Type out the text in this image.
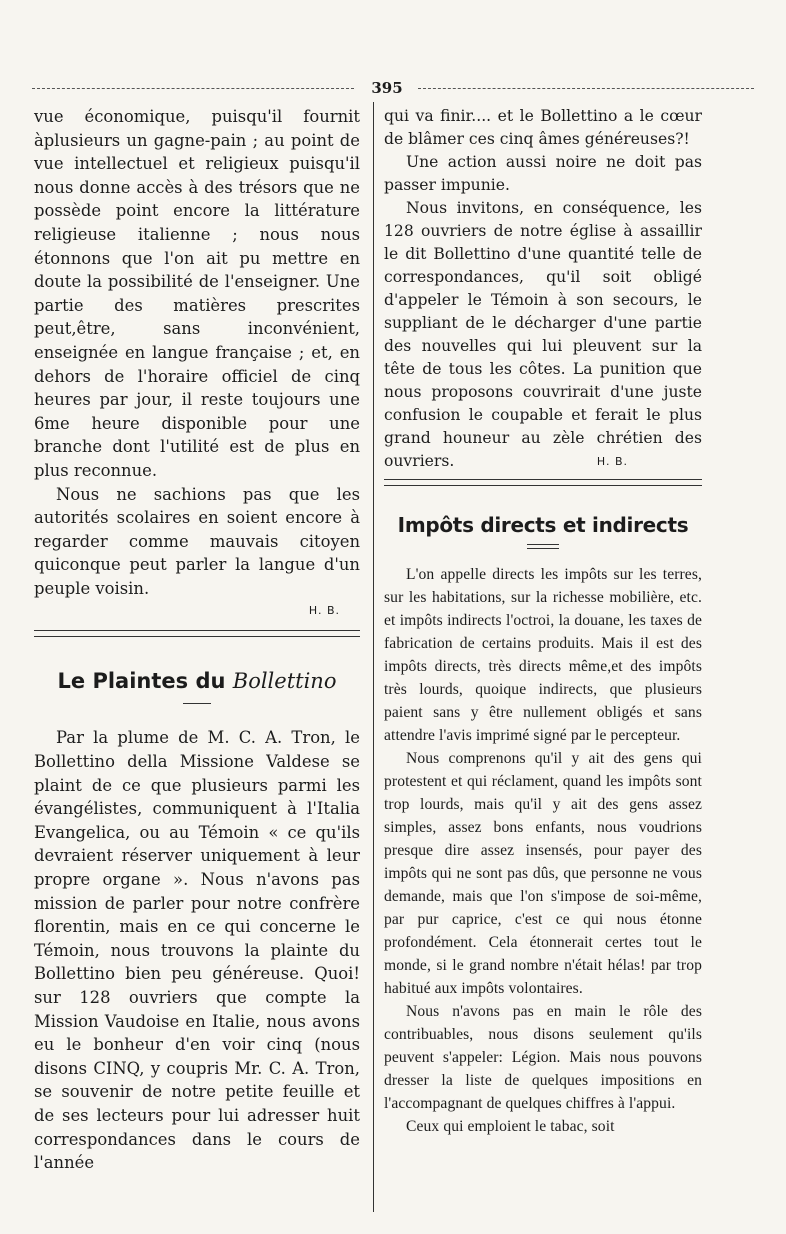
395

vue économique, puisqu'il fournit àplusieurs un gagne-pain ; au point de vue intellectuel et religieux puisqu'il nous donne accès à des trésors que ne possède point encore la littérature religieuse italienne ; nous nous étonnons que l'on ait pu mettre en doute la possibilité de l'enseigner. Une partie des matières prescrites peut,être, sans inconvénient, enseignée en langue française ; et, en dehors de l'horaire officiel de cinq heures par jour, il reste toujours une 6me heure disponible pour une branche dont l'utilité est de plus en plus reconnue.

Nous ne sachions pas que les autorités scolaires en soient encore à regarder comme mauvais citoyen quiconque peut parler la langue d'un peuple voisin.

H. B.
Le Plaintes du Bollettino

Par la plume de M. C. A. Tron, le Bollettino della Missione Valdese se plaint de ce que plusieurs parmi les évangélistes, communiquent à l'Italia Evangelica, ou au Témoin « ce qu'ils devraient réserver uniquement à leur propre organe ». Nous n'avons pas mission de parler pour notre confrère florentin, mais en ce qui concerne le Témoin, nous trouvons la plainte du Bollettino bien peu généreuse. Quoi! sur 128 ouvriers que compte la Mission Vaudoise en Italie, nous avons eu le bonheur d'en voir cinq (nous disons CINQ, y coupris Mr. C. A. Tron, se souvenir de notre petite feuille et de ses lecteurs pour lui adresser huit correspondances dans le cours de l'année

qui va finir.... et le Bollettino a le cœur de blâmer ces cinq âmes généreuses?!

Une action aussi noire ne doit pas passer impunie.

Nous invitons, en conséquence, les 128 ouvriers de notre église à assaillir le dit Bollettino d'une quantité telle de correspondances, qu'il soit obligé d'appeler le Témoin à son secours, le suppliant de le décharger d'une partie des nouvelles qui lui pleuvent sur la tête de tous les côtes. La punition que nous proposons couvrirait d'une juste confusion le coupable et ferait le plus grand houneur au zèle chrétien des ouvriers.	H. B.
Impôts directs et indirects

L'on appelle directs les impôts sur les terres, sur les habitations, sur la richesse mobilière, etc. et impôts indirects l'octroi, la douane, les taxes de fabrication de certains produits. Mais il est des impôts directs, très directs même,et des impôts très lourds, quoique indirects, que plusieurs paient sans y être nullement obligés et sans attendre l'avis imprimé signé par le percepteur.

Nous comprenons qu'il y ait des gens qui protestent et qui réclament, quand les impôts sont trop lourds, mais qu'il y ait des gens assez simples, assez bons enfants, nous voudrions presque dire assez insensés, pour payer des impôts qui ne sont pas dûs, que personne ne vous demande, mais que l'on s'impose de soi-même, par pur caprice, c'est ce qui nous étonne profondément. Cela étonnerait certes tout le monde, si le grand nombre n'était hélas! par trop habitué aux impôts volontaires.

Nous n'avons pas en main le rôle des contribuables, nous disons seulement qu'ils peuvent s'appeler: Légion. Mais nous pouvons dresser la liste de quelques impositions en l'accompagnant de quelques chiffres à l'appui.

Ceux qui emploient le tabac, soit
